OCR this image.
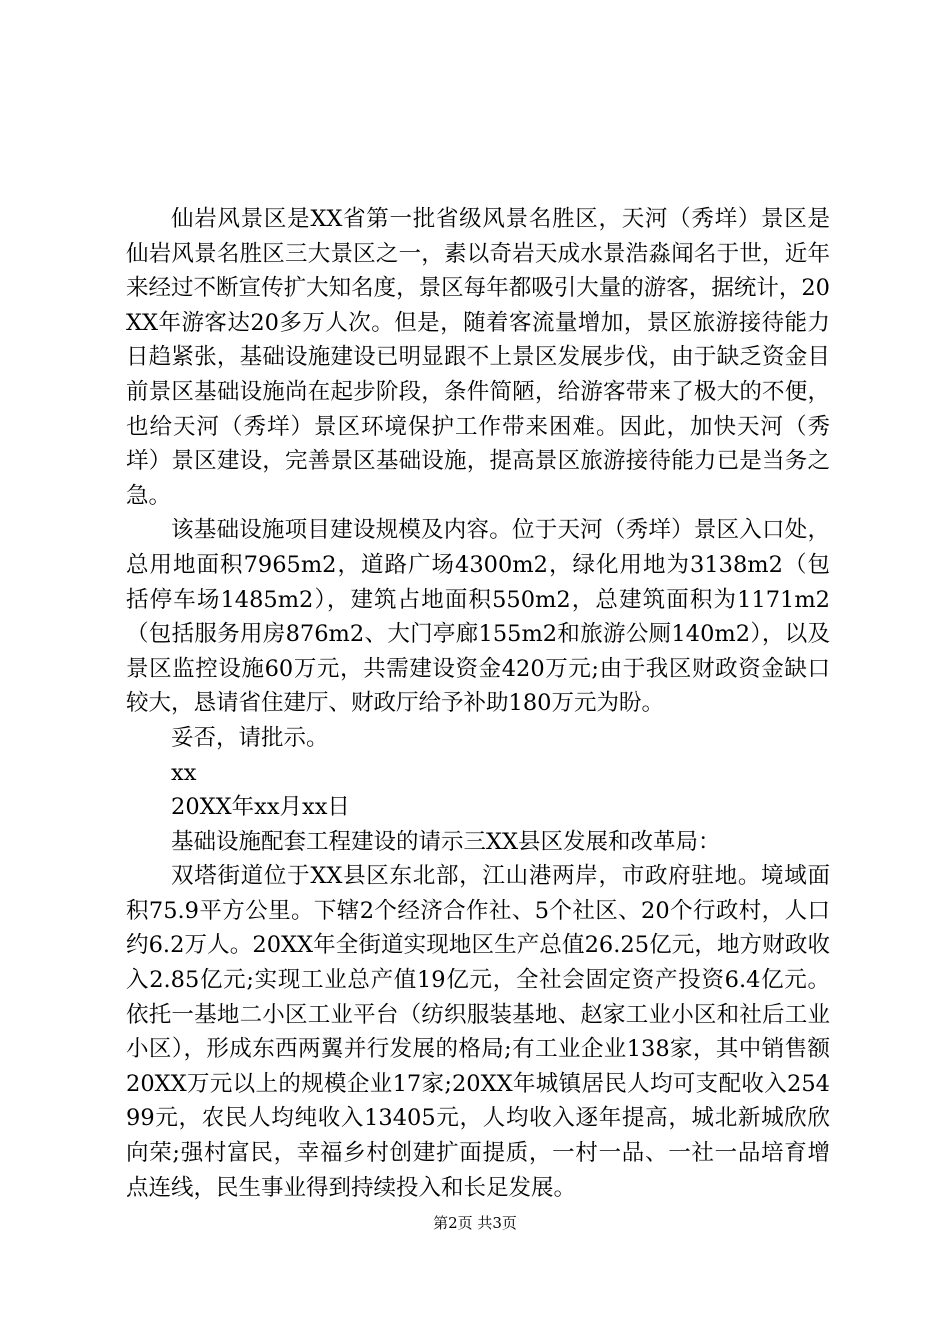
仙岩风景区是XX省第一批省级风景名胜区，天河（秀垟）景区是仙岩风景名胜区三大景区之一，素以奇岩天成水景浩淼闻名于世，近年来经过不断宣传扩大知名度，景区每年都吸引大量的游客，据统计，20XX年游客达20多万人次。但是，随着客流量增加，景区旅游接待能力日趋紧张，基础设施建设已明显跟不上景区发展步伐，由于缺乏资金目前景区基础设施尚在起步阶段，条件简陋，给游客带来了极大的不便，也给天河（秀垟）景区环境保护工作带来困难。因此，加快天河（秀垟）景区建设，完善景区基础设施，提高景区旅游接待能力已是当务之急。

该基础设施项目建设规模及内容。位于天河（秀垟）景区入口处，总用地面积7965m2，道路广场4300m2，绿化用地为3138m2（包括停车场1485m2），建筑占地面积550m2，总建筑面积为1171m2（包括服务用房876m2、大门亭廊155m2和旅游公厕140m2），以及景区监控设施60万元，共需建设资金420万元;由于我区财政资金缺口较大，恳请省住建厅、财政厅给予补助180万元为盼。

妥否，请批示。

xx

20XX年xx月xx日

基础设施配套工程建设的请示三XX县区发展和改革局：

双塔街道位于XX县区东北部，江山港两岸，市政府驻地。境域面积75.9平方公里。下辖2个经济合作社、5个社区、20个行政村，人口约6.2万人。20XX年全街道实现地区生产总值26.25亿元，地方财政收入2.85亿元;实现工业总产值19亿元，全社会固定资产投资6.4亿元。依托一基地二小区工业平台（纺织服装基地、赵家工业小区和社后工业小区），形成东西两翼并行发展的格局;有工业企业138家，其中销售额20XX万元以上的规模企业17家;20XX年城镇居民人均可支配收入25499元，农民人均纯收入13405元，人均收入逐年提高，城北新城欣欣向荣;强村富民，幸福乡村创建扩面提质，一村一品、一社一品培育增点连线，民生事业得到持续投入和长足发展。

第2页 共3页
